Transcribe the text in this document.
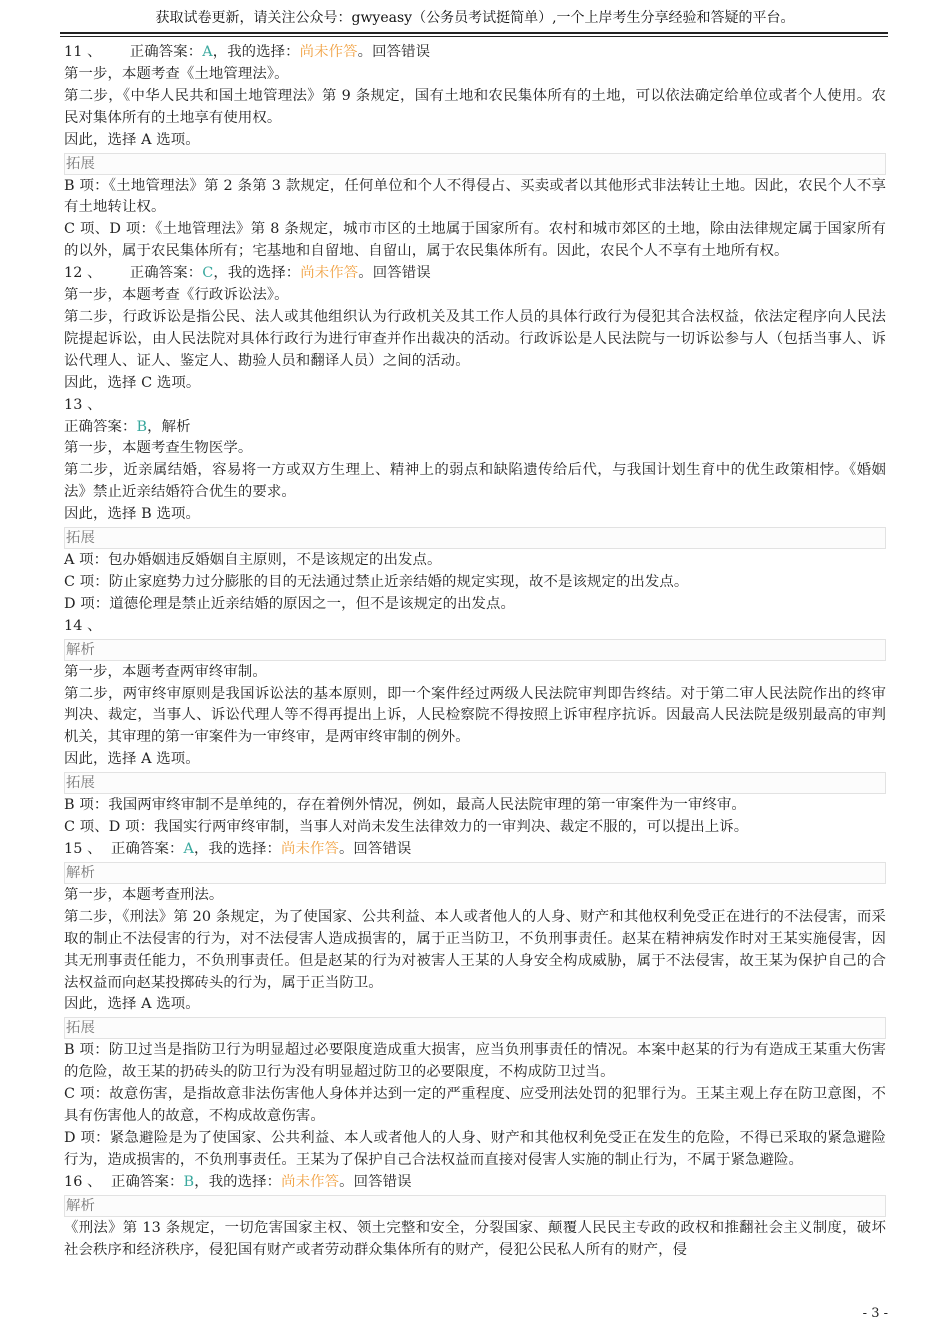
获取试卷更新，请关注公众号：gwyeasy（公务员考试挺简单）,一个上岸考生分享经验和答疑的平台。

11 、 正确答案：A，我的选择：尚未作答。回答错误

第一步，本题考查《土地管理法》。

第二步，《中华人民共和国土地管理法》第 9 条规定，国有土地和农民集体所有的土地，可以依法确定给单位或者个人使用。农民对集体所有的土地享有使用权。

因此，选择 A 选项。

拓展

B 项：《土地管理法》第 2 条第 3 款规定，任何单位和个人不得侵占、买卖或者以其他形式非法转让土地。因此，农民个人不享有土地转让权。

C 项、D 项：《土地管理法》第 8 条规定，城市市区的土地属于国家所有。农村和城市郊区的土地，除由法律规定属于国家所有的以外，属于农民集体所有；宅基地和自留地、自留山，属于农民集体所有。因此，农民个人不享有土地所有权。

12 、 正确答案：C，我的选择：尚未作答。回答错误

第一步，本题考查《行政诉讼法》。

第二步，行政诉讼是指公民、法人或其他组织认为行政机关及其工作人员的具体行政行为侵犯其合法权益，依法定程序向人民法院提起诉讼，由人民法院对具体行政行为进行审查并作出裁决的活动。行政诉讼是人民法院与一切诉讼参与人（包括当事人、诉讼代理人、证人、鉴定人、勘验人员和翻译人员）之间的活动。

因此，选择 C 选项。

13 、

正确答案：B，解析

第一步，本题考查生物医学。

第二步，近亲属结婚，容易将一方或双方生理上、精神上的弱点和缺陷遗传给后代，与我国计划生育中的优生政策相悖。《婚姻法》禁止近亲结婚符合优生的要求。

因此，选择 B 选项。

拓展

A 项：包办婚姻违反婚姻自主原则，不是该规定的出发点。

C 项：防止家庭势力过分膨胀的目的无法通过禁止近亲结婚的规定实现，故不是该规定的出发点。

D 项：道德伦理是禁止近亲结婚的原因之一，但不是该规定的出发点。

14 、

解析

第一步，本题考查两审终审制。

第二步，两审终审原则是我国诉讼法的基本原则，即一个案件经过两级人民法院审判即告终结。对于第二审人民法院作出的终审判决、裁定，当事人、诉讼代理人等不得再提出上诉，人民检察院不得按照上诉审程序抗诉。因最高人民法院是级别最高的审判机关，其审理的第一审案件为一审终审，是两审终审制的例外。

因此，选择 A 选项。

拓展

B 项：我国两审终审制不是单纯的，存在着例外情况，例如，最高人民法院审理的第一审案件为一审终审。

C 项、D 项：我国实行两审终审制，当事人对尚未发生法律效力的一审判决、裁定不服的，可以提出上诉。

15 、 正确答案：A，我的选择：尚未作答。回答错误

解析

第一步，本题考查刑法。

第二步，《刑法》第 20 条规定，为了使国家、公共利益、本人或者他人的人身、财产和其他权利免受正在进行的不法侵害，而采取的制止不法侵害的行为，对不法侵害人造成损害的，属于正当防卫，不负刑事责任。赵某在精神病发作时对王某实施侵害，因其无刑事责任能力，不负刑事责任。但是赵某的行为对被害人王某的人身安全构成威胁，属于不法侵害，故王某为保护自己的合法权益而向赵某投掷砖头的行为，属于正当防卫。

因此，选择 A 选项。

拓展

B 项：防卫过当是指防卫行为明显超过必要限度造成重大损害，应当负刑事责任的情况。本案中赵某的行为有造成王某重大伤害的危险，故王某的扔砖头的防卫行为没有明显超过防卫的必要限度，不构成防卫过当。

C 项：故意伤害，是指故意非法伤害他人身体并达到一定的严重程度、应受刑法处罚的犯罪行为。王某主观上存在防卫意图，不具有伤害他人的故意，不构成故意伤害。

D 项：紧急避险是为了使国家、公共利益、本人或者他人的人身、财产和其他权利免受正在发生的危险，不得已采取的紧急避险行为，造成损害的，不负刑事责任。王某为了保护自己合法权益而直接对侵害人实施的制止行为，不属于紧急避险。

16 、 正确答案：B，我的选择：尚未作答。回答错误

解析

《刑法》第 13 条规定，一切危害国家主权、领土完整和安全，分裂国家、颠覆人民民主专政的政权和推翻社会主义制度，破坏社会秩序和经济秩序，侵犯国有财产或者劳动群众集体所有的财产，侵犯公民私人所有的财产，侵

- 3 -
